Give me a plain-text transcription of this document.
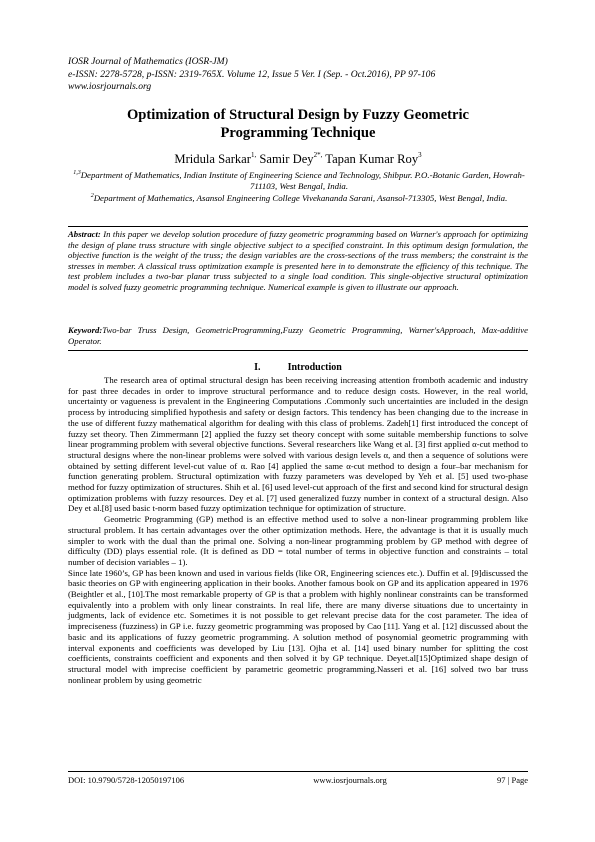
IOSR Journal of Mathematics (IOSR-JM)
e-ISSN: 2278-5728, p-ISSN: 2319-765X. Volume 12, Issue 5 Ver. I (Sep. - Oct.2016), PP 97-106
www.iosrjournals.org
Optimization of Structural Design by Fuzzy Geometric
Programming Technique
Mridula Sarkar$^{1,}$ Samir Dey$^{2*,}$ Tapan Kumar Roy$^3$
$^{1,3}$Department of Mathematics, Indian Institute of Engineering Science and Technology, Shibpur. P.O.-Botanic Garden, Howrah-711103, West Bengal, India.
$^2$Department of Mathematics, Asansol Engineering College Vivekananda Sarani, Asansol-713305, West Bengal, India.
Abstract: In this paper we develop solution procedure of fuzzy geometric programming based on Warner's approach for optimizing the design of plane truss structure with single objective subject to a specified constraint. In this optimum design formulation, the objective function is the weight of the truss; the design variables are the cross-sections of the truss members; the constraint is the stresses in member. A classical truss optimization example is presented here in to demonstrate the efficiency of this technique. The test problem includes a two-bar planar truss subjected to a single load condition. This single-objective structural optimization model is solved fuzzy geometric programming technique. Numerical example is given to illustrate our approach.
Keyword:Two-bar Truss Design, GeometricProgramming,Fuzzy Geometric Programming, Warner'sApproach, Max-additive Operator.
I.	Introduction

The research area of optimal structural design has been receiving increasing attention fromboth academic and industry for past three decades in order to improve structural performance and to reduce design costs. However, in the real world, uncertainty or vagueness is prevalent in the Engineering Computations .Commonly such uncertainties are included in the design process by introducing simplified hypothesis and safety or design factors. This tendency has been changing due to the increase in the use of different fuzzy mathematical algorithm for dealing with this class of problems. Zadeh[1] first introduced the concept of fuzzy set theory. Then Zimmermann [2] applied the fuzzy set theory concept with some suitable membership functions to solve linear programming problem with several objective functions. Several researchers like Wang et al. [3] first applied α-cut method to structural designs where the non-linear problems were solved with various design levels α, and then a sequence of solutions were obtained by setting different level-cut value of α. Rao [4] applied the same α-cut method to design a four–bar mechanism for function generating problem. Structural optimization with fuzzy parameters was developed by Yeh et al. [5] used two-phase method for fuzzy optimization of structures. Shih et al. [6] used level-cut approach of the first and second kind for structural design optimization problems with fuzzy resources. Dey et al. [7] used generalized fuzzy number in context of a structural design. Also Dey et al.[8] used basic t-norm based fuzzy optimization technique for optimization of structure.

Geometric Programming (GP) method is an effective method used to solve a non-linear programming problem like structural problem. It has certain advantages over the other optimization methods. Here, the advantage is that it is usually much simpler to work with the dual than the primal one. Solving a non-linear programming problem by GP method with degree of difficulty (DD) plays essential role. (It is defined as DD = total number of terms in objective function and constraints – total number of decision variables – 1).

Since late 1960’s, GP has been known and used in various fields (like OR, Engineering sciences etc.). Duffin et al. [9]discussed the basic theories on GP with engineering application in their books. Another famous book on GP and its application appeared in 1976 (Beightler et al., [10].The most remarkable property of GP is that a problem with highly nonlinear constraints can be transformed equivalently into a problem with only linear constraints. In real life, there are many diverse situations due to uncertainty in judgments, lack of evidence etc. Sometimes it is not possible to get relevant precise data for the cost parameter. The idea of impreciseness (fuzziness) in GP i.e. fuzzy geometric programming was proposed by Cao [11]. Yang et al. [12] discussed about the basic and its applications of fuzzy geometric programming. A solution method of posynomial geometric programming with interval exponents and coefficients was developed by Liu [13]. Ojha et al. [14] used binary number for splitting the cost coefficients, constraints coefficient and exponents and then solved it by GP technique. Deyet.al[15]Optimized shape design of structural model with imprecise coefficient by parametric geometric programming.Nasseri et al. [16] solved two bar truss nonlinear problem by using geometric

DOI: 10.9790/5728-12050197106	www.iosrjournals.org	97 | Page
